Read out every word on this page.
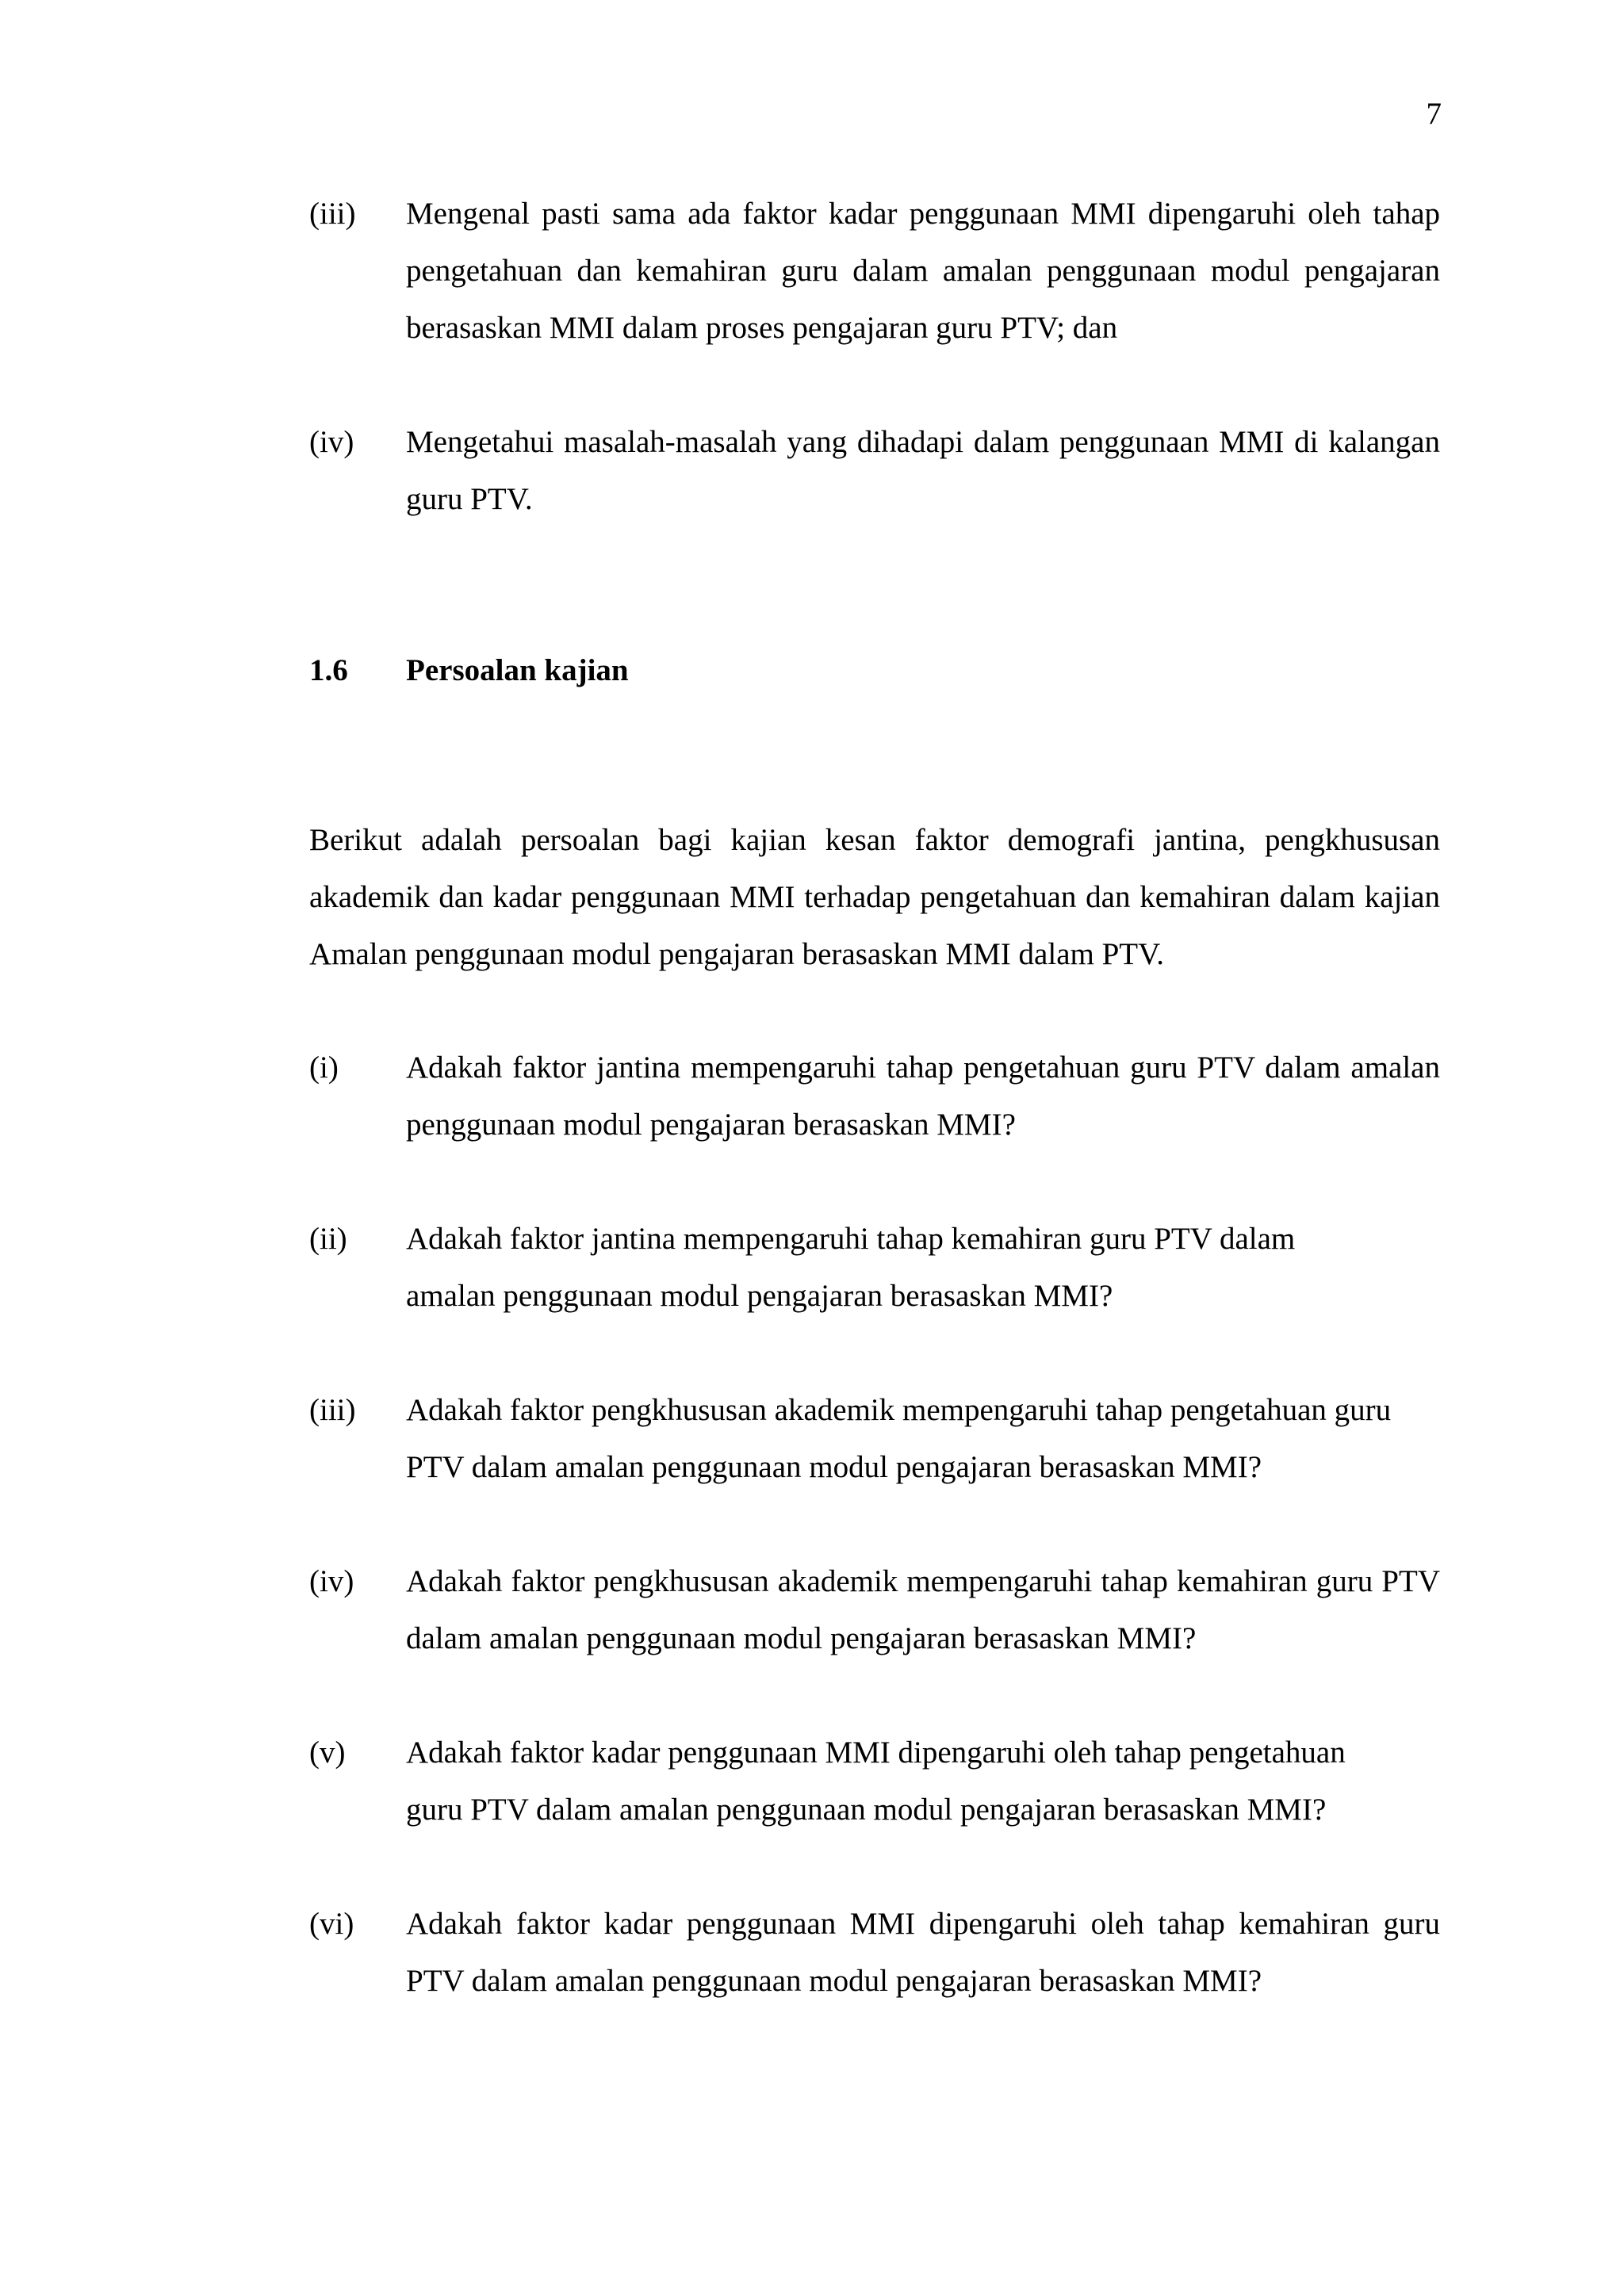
7
(iii)	Mengenal pasti sama ada faktor kadar penggunaan MMI dipengaruhi oleh tahap pengetahuan dan kemahiran guru dalam amalan penggunaan modul pengajaran berasaskan MMI dalam proses pengajaran guru PTV; dan
(iv)	Mengetahui masalah-masalah yang dihadapi dalam penggunaan MMI di kalangan guru PTV.
1.6 Persoalan kajian
Berikut adalah persoalan bagi kajian kesan faktor demografi jantina, pengkhususan akademik dan kadar penggunaan MMI terhadap pengetahuan dan kemahiran dalam kajian Amalan penggunaan modul pengajaran berasaskan MMI dalam PTV.
(i)	Adakah faktor jantina mempengaruhi tahap pengetahuan guru PTV dalam amalan penggunaan modul pengajaran berasaskan MMI?
(ii)	Adakah faktor jantina mempengaruhi tahap kemahiran guru PTV dalam amalan penggunaan modul pengajaran berasaskan MMI?
(iii)	Adakah faktor pengkhususan akademik mempengaruhi tahap pengetahuan guru PTV dalam amalan penggunaan modul pengajaran berasaskan MMI?
(iv)	Adakah faktor pengkhususan akademik mempengaruhi tahap kemahiran guru PTV dalam amalan penggunaan modul pengajaran berasaskan MMI?
(v)	Adakah faktor kadar penggunaan MMI dipengaruhi oleh tahap pengetahuan guru PTV dalam amalan penggunaan modul pengajaran berasaskan MMI?
(vi)	Adakah faktor kadar penggunaan MMI dipengaruhi oleh tahap kemahiran guru PTV dalam amalan penggunaan modul pengajaran berasaskan MMI?
